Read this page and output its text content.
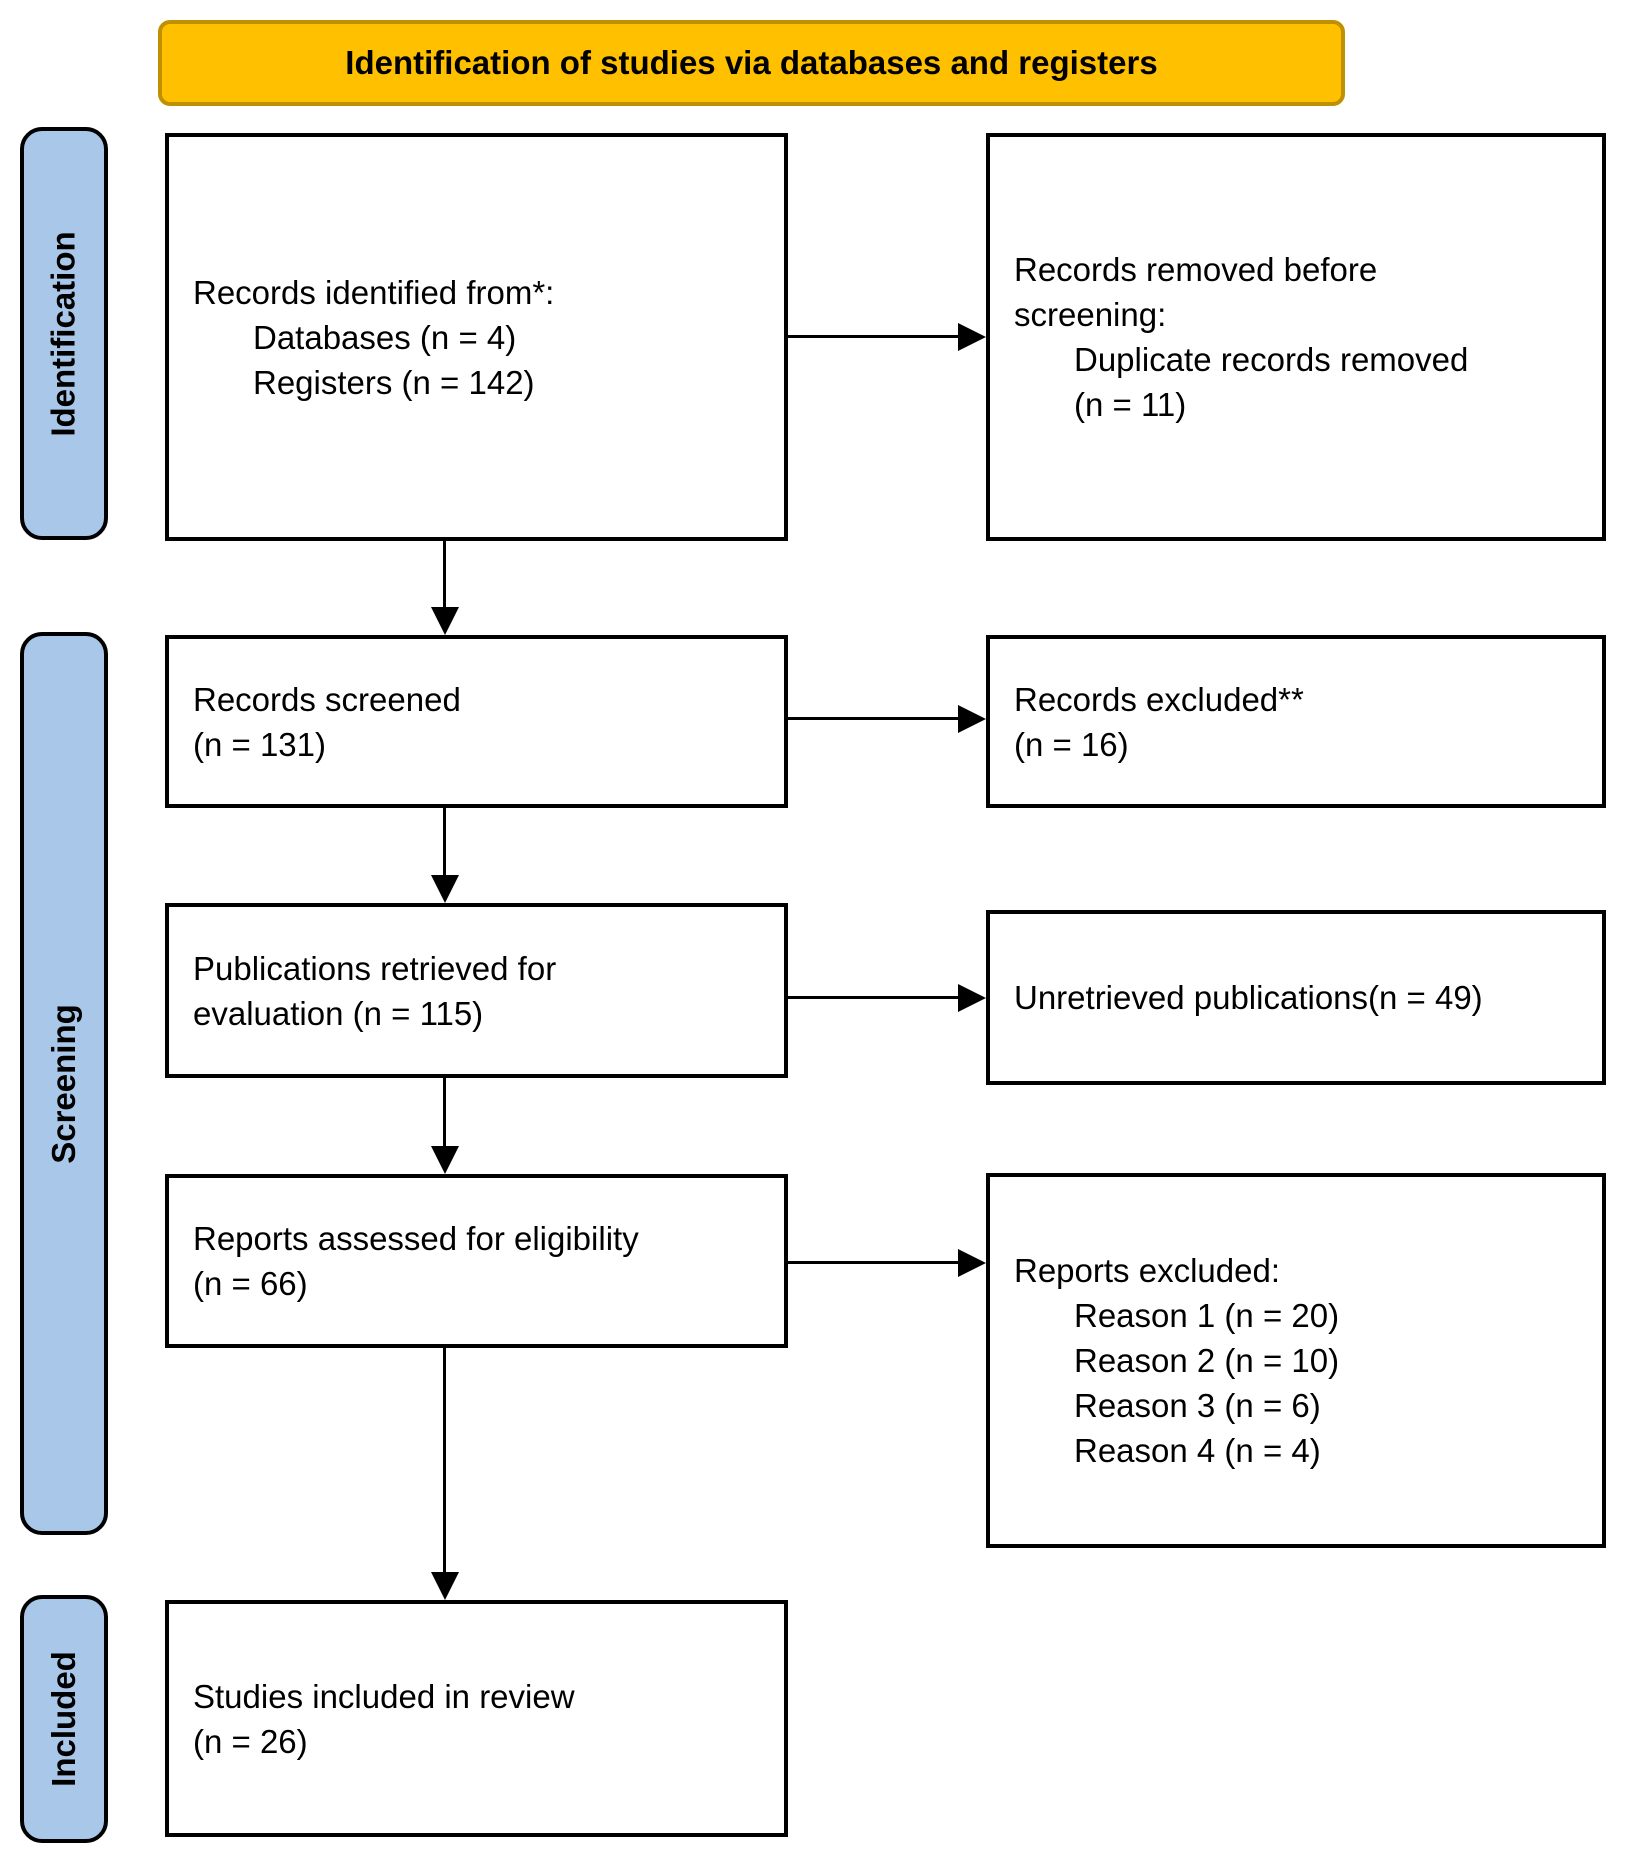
Identification of studies via databases and registers
Identification
Screening
Included
Records identified from*:
Databases (n = 4)
Registers (n = 142)
Records screened
(n = 131)
Publications retrieved for
evaluation (n = 115)
Reports assessed for eligibility
(n = 66)
Studies included in review
(n = 26)
Records removed before
screening:
Duplicate records removed
(n = 11)
Records excluded**
(n = 16)
Unretrieved publications(n = 49)
Reports excluded:
Reason 1 (n = 20)
Reason 2 (n = 10)
Reason 3 (n = 6)
Reason 4 (n = 4)
